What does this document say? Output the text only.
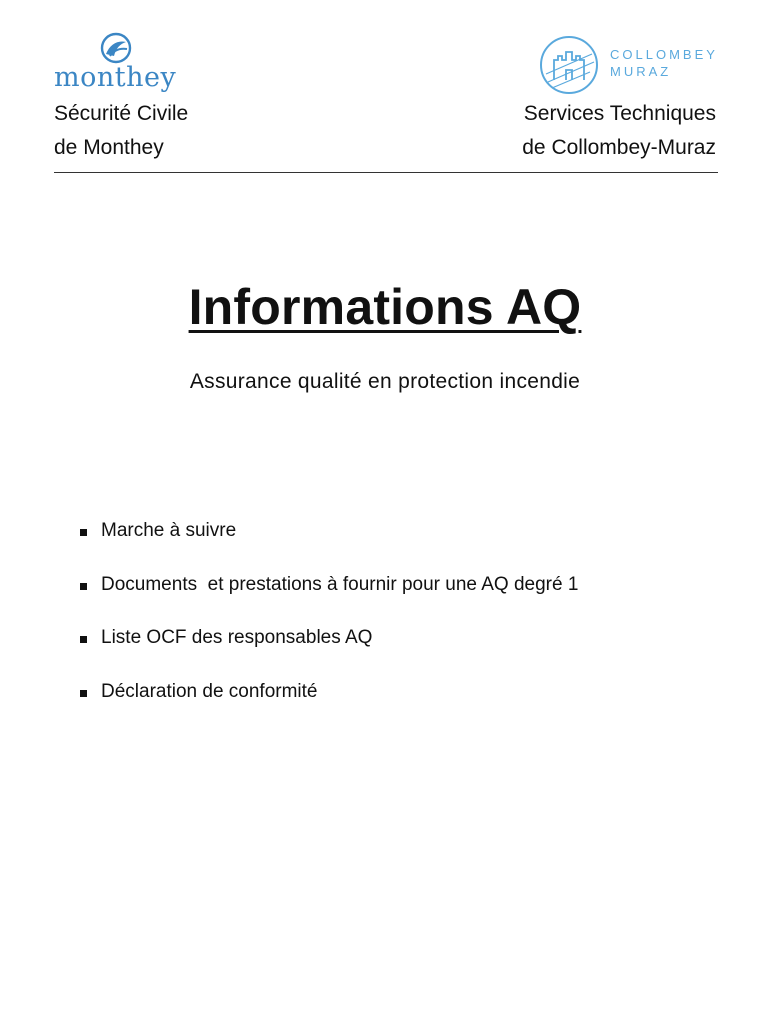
monthey
COLLOMBEY
MURAZ
Sécurité Civile
de Monthey
Services Techniques
de Collombey-Muraz
Informations AQ
Assurance qualité en protection incendie
Marche à suivre
Documents  et prestations à fournir pour une AQ degré 1
Liste OCF des responsables AQ
Déclaration de conformité
